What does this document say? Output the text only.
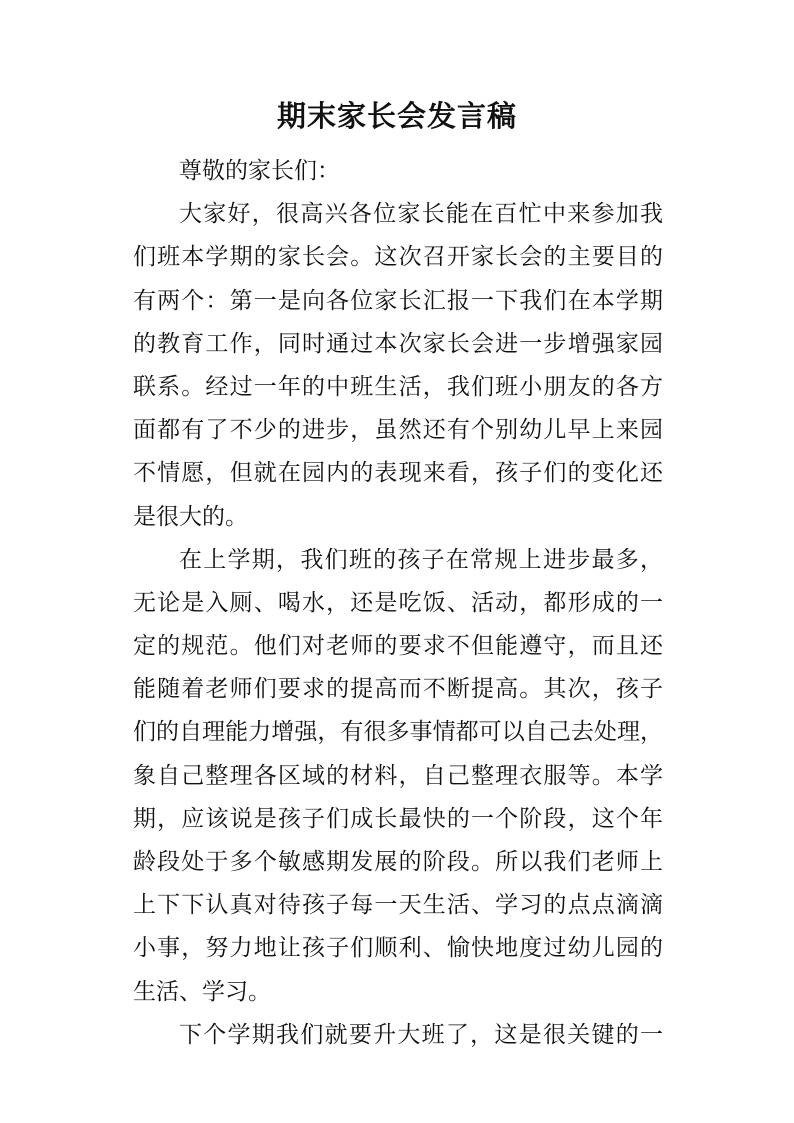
期末家长会发言稿
尊敬的家长们：
大家好，很高兴各位家长能在百忙中来参加我
们班本学期的家长会。这次召开家长会的主要目的
有两个：第一是向各位家长汇报一下我们在本学期
的教育工作，同时通过本次家长会进一步增强家园
联系。经过一年的中班生活，我们班小朋友的各方
面都有了不少的进步，虽然还有个别幼儿早上来园
不情愿，但就在园内的表现来看，孩子们的变化还
是很大的。
在上学期，我们班的孩子在常规上进步最多，
无论是入厕、喝水，还是吃饭、活动，都形成的一
定的规范。他们对老师的要求不但能遵守，而且还
能随着老师们要求的提高而不断提高。其次，孩子
们的自理能力增强，有很多事情都可以自己去处理，
象自己整理各区域的材料，自己整理衣服等。本学
期，应该说是孩子们成长最快的一个阶段，这个年
龄段处于多个敏感期发展的阶段。所以我们老师上
上下下认真对待孩子每一天生活、学习的点点滴滴
小事，努力地让孩子们顺利、愉快地度过幼儿园的
生活、学习。
下个学期我们就要升大班了，这是很关键的一
